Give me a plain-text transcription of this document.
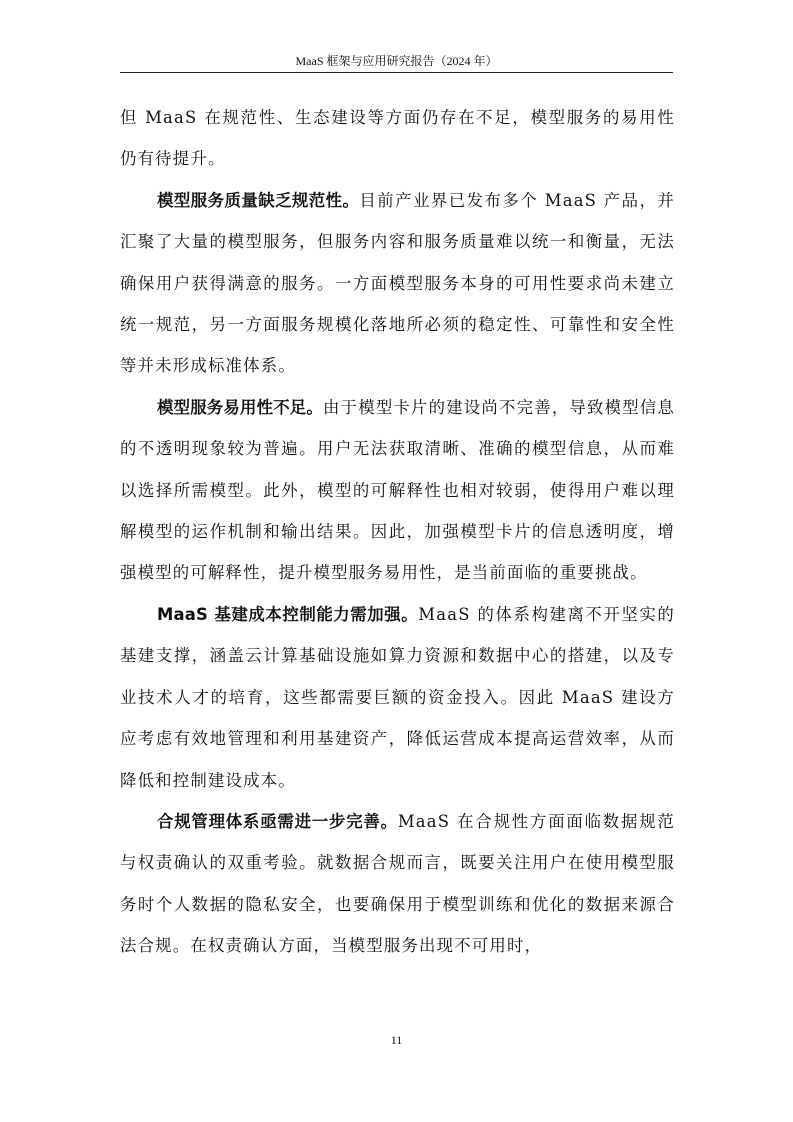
MaaS 框架与应用研究报告（2024 年）

但 MaaS 在规范性、生态建设等方面仍存在不足，模型服务的易用性仍有待提升。

模型服务质量缺乏规范性。目前产业界已发布多个 MaaS 产品，并汇聚了大量的模型服务，但服务内容和服务质量难以统一和衡量，无法确保用户获得满意的服务。一方面模型服务本身的可用性要求尚未建立统一规范，另一方面服务规模化落地所必须的稳定性、可靠性和安全性等并未形成标准体系。

模型服务易用性不足。由于模型卡片的建设尚不完善，导致模型信息的不透明现象较为普遍。用户无法获取清晰、准确的模型信息，从而难以选择所需模型。此外，模型的可解释性也相对较弱，使得用户难以理解模型的运作机制和输出结果。因此，加强模型卡片的信息透明度，增强模型的可解释性，提升模型服务易用性，是当前面临的重要挑战。

MaaS 基建成本控制能力需加强。MaaS 的体系构建离不开坚实的基建支撑，涵盖云计算基础设施如算力资源和数据中心的搭建，以及专业技术人才的培育，这些都需要巨额的资金投入。因此 MaaS 建设方应考虑有效地管理和利用基建资产，降低运营成本提高运营效率，从而降低和控制建设成本。

合规管理体系亟需进一步完善。MaaS 在合规性方面面临数据规范与权责确认的双重考验。就数据合规而言，既要关注用户在使用模型服务时个人数据的隐私安全，也要确保用于模型训练和优化的数据来源合法合规。在权责确认方面，当模型服务出现不可用时，

11
